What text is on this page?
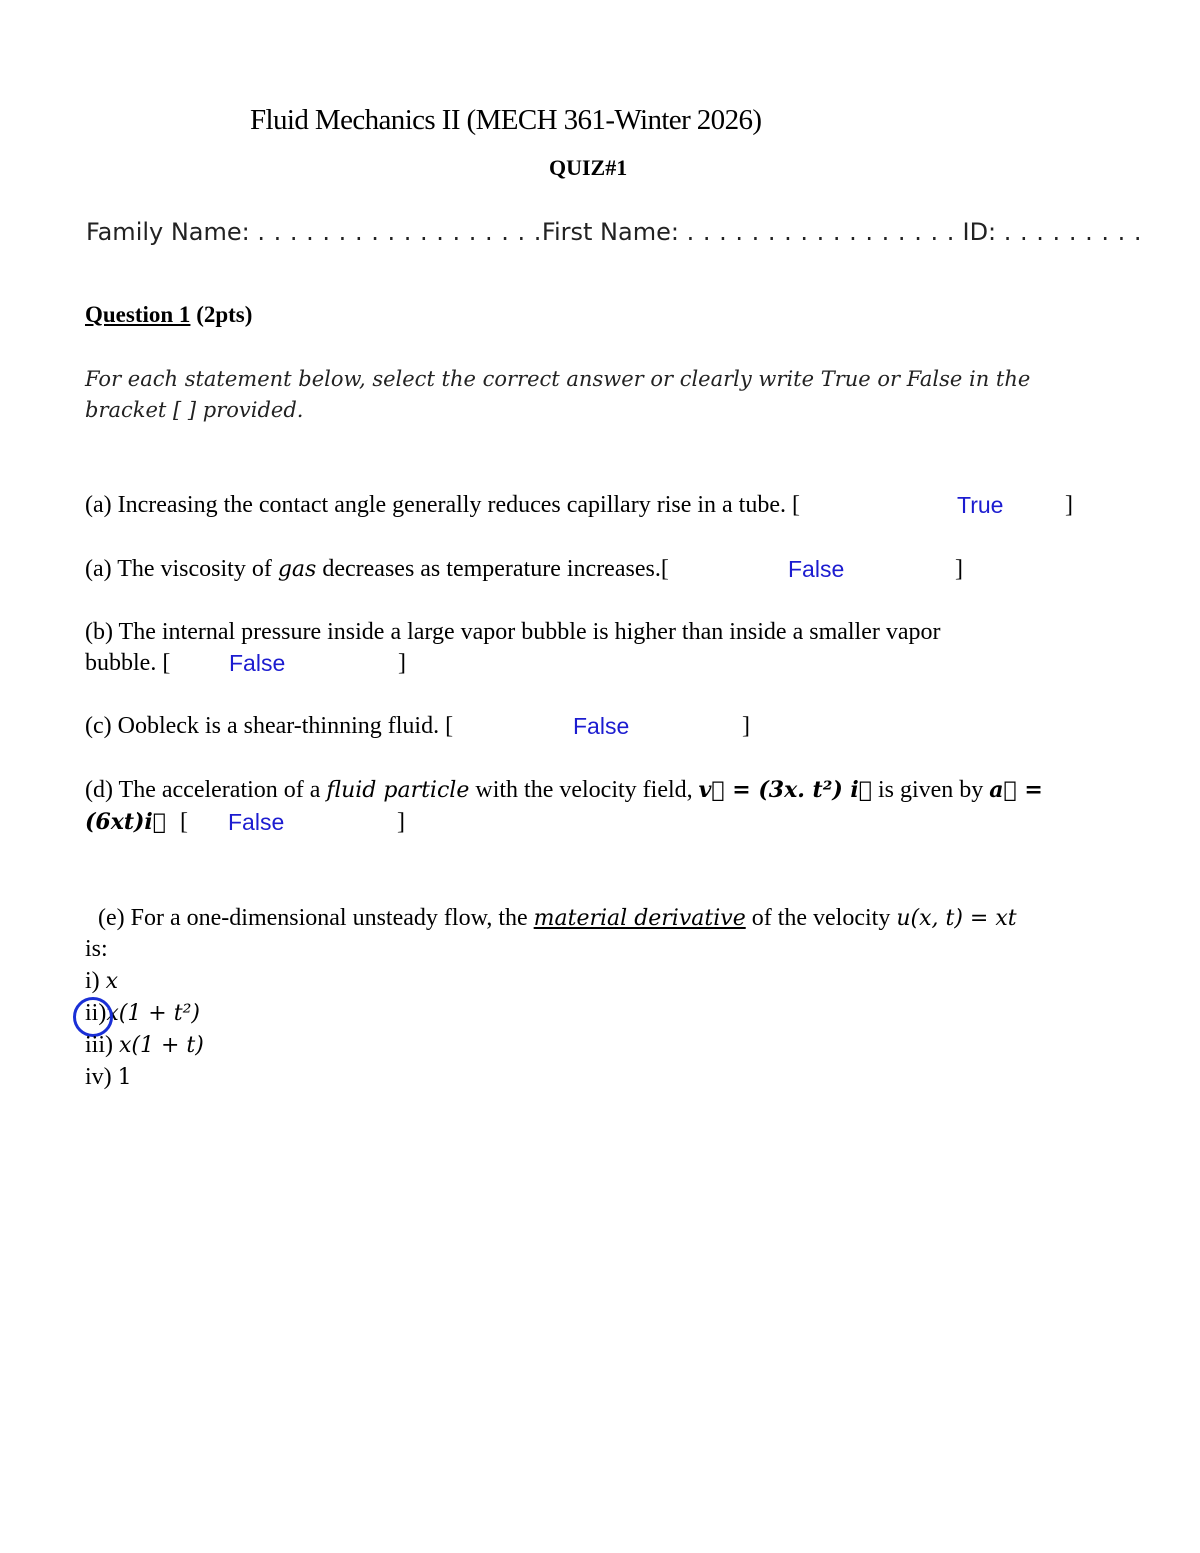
Fluid Mechanics II (MECH 361-Winter 2026)
QUIZ#1
Family Name: . . . . . . . . . . . . . . . . . .First Name: . . . . . . . . . . . . . . . . . ID: . . . . . . . . .
Question 1 (2pts)
For each statement below, select the correct answer or clearly write True or False in the
bracket [ ] provided.
(a) Increasing the contact angle generally reduces capillary rise in a tube. [	True	]
(a) The viscosity of gas decreases as temperature increases.[	False	]
(b) The internal pressure inside a large vapor bubble is higher than inside a smaller vapor
bubble. [	False	]
(c) Oobleck is a shear-thinning fluid. [	False	]
(d) The acceleration of a fluid particle with the velocity field, v⃗ = (3x. t²) i⃗ is given by a⃗ =
(6xt)i⃗ [ False	]
(e) For a one-dimensional unsteady flow, the material derivative of the velocity u(x, t) = xt
is:
i) x
ii)x(1 + t²)
iii) x(1 + t)
iv) 1
